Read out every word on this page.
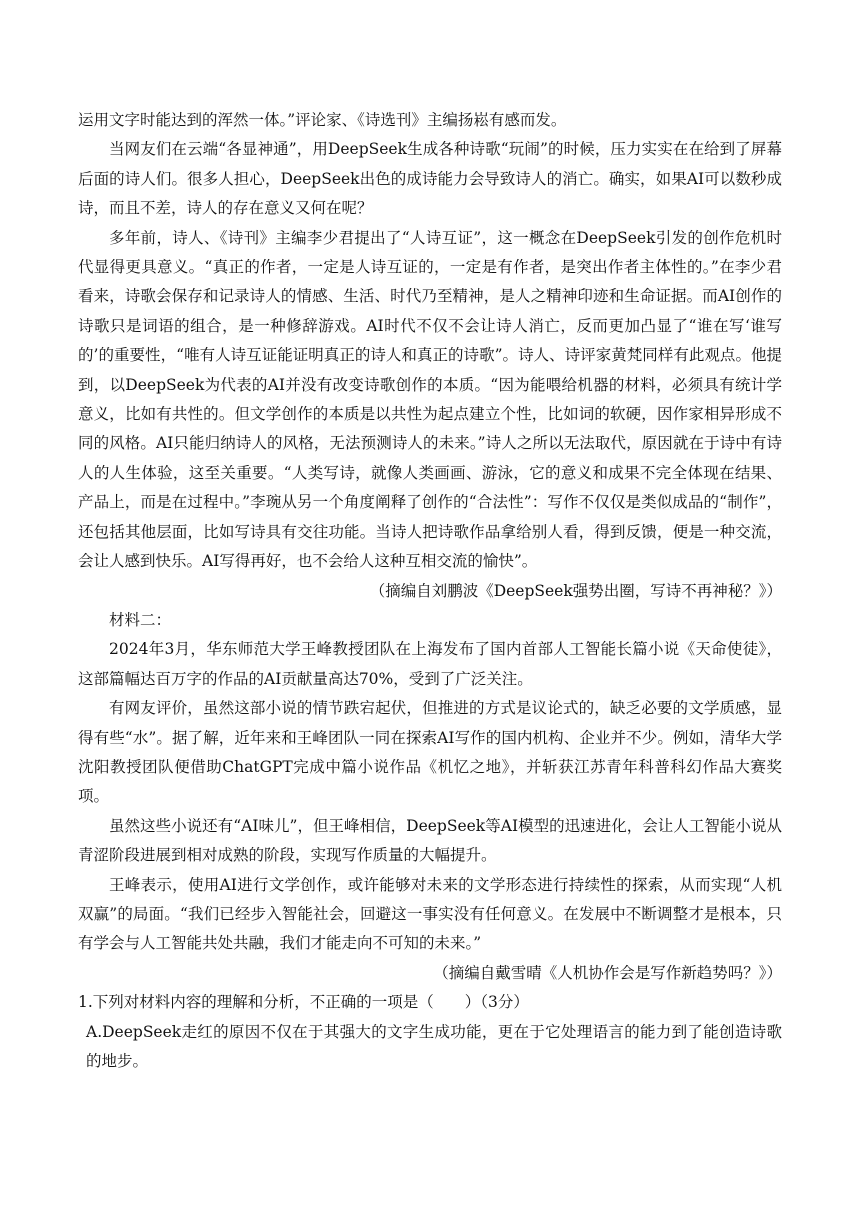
运用文字时能达到的浑然一体。”评论家、《诗选刊》主编扬崧有感而发。

当网友们在云端“各显神通”，用DeepSeek生成各种诗歌“玩闹”的时候，压力实实在在给到了屏幕后面的诗人们。很多人担心，DeepSeek出色的成诗能力会导致诗人的消亡。确实，如果AI可以数秒成诗，而且不差，诗人的存在意义又何在呢？

多年前，诗人、《诗刊》主编李少君提出了“人诗互证”，这一概念在DeepSeek引发的创作危机时代显得更具意义。“真正的作者，一定是人诗互证的，一定是有作者，是突出作者主体性的。”在李少君看来，诗歌会保存和记录诗人的情感、生活、时代乃至精神，是人之精神印迹和生命证据。而AI创作的诗歌只是词语的组合，是一种修辞游戏。AI时代不仅不会让诗人消亡，反而更加凸显了“谁在写‘谁写的’的重要性，“唯有人诗互证能证明真正的诗人和真正的诗歌”。诗人、诗评家黄梵同样有此观点。他提到，以DeepSeek为代表的AI并没有改变诗歌创作的本质。“因为能喂给机器的材料，必须具有统计学意义，比如有共性的。但文学创作的本质是以共性为起点建立个性，比如词的软硬，因作家相异形成不同的风格。AI只能归纳诗人的风格，无法预测诗人的未来。”诗人之所以无法取代，原因就在于诗中有诗人的人生体验，这至关重要。“人类写诗，就像人类画画、游泳，它的意义和成果不完全体现在结果、产品上，而是在过程中。”李琬从另一个角度阐释了创作的“合法性”：写作不仅仅是类似成品的“制作”，还包括其他层面，比如写诗具有交往功能。当诗人把诗歌作品拿给别人看，得到反馈，便是一种交流，会让人感到快乐。AI写得再好，也不会给人这种互相交流的愉快”。

（摘编自刘鹏波《DeepSeek强势出圈，写诗不再神秘？》）

材料二：

2024年3月，华东师范大学王峰教授团队在上海发布了国内首部人工智能长篇小说《天命使徒》，这部篇幅达百万字的作品的AI贡献量高达70%，受到了广泛关注。

有网友评价，虽然这部小说的情节跌宕起伏，但推进的方式是议论式的，缺乏必要的文学质感，显得有些“水”。据了解，近年来和王峰团队一同在探索AI写作的国内机构、企业并不少。例如，清华大学沈阳教授团队便借助ChatGPT完成中篇小说作品《机忆之地》，并斩获江苏青年科普科幻作品大赛奖项。

虽然这些小说还有“AI味儿”，但王峰相信，DeepSeek等AI模型的迅速进化，会让人工智能小说从青涩阶段进展到相对成熟的阶段，实现写作质量的大幅提升。

王峰表示，使用AI进行文学创作，或许能够对未来的文学形态进行持续性的探索，从而实现“人机双赢”的局面。“我们已经步入智能社会，回避这一事实没有任何意义。在发展中不断调整才是根本，只有学会与人工智能共处共融，我们才能走向不可知的未来。”

（摘编自戴雪晴《人机协作会是写作新趋势吗？》）

1.下列对材料内容的理解和分析，不正确的一项是（　　）（3分）

A.DeepSeek走红的原因不仅在于其强大的文字生成功能，更在于它处理语言的能力到了能创造诗歌的地步。
